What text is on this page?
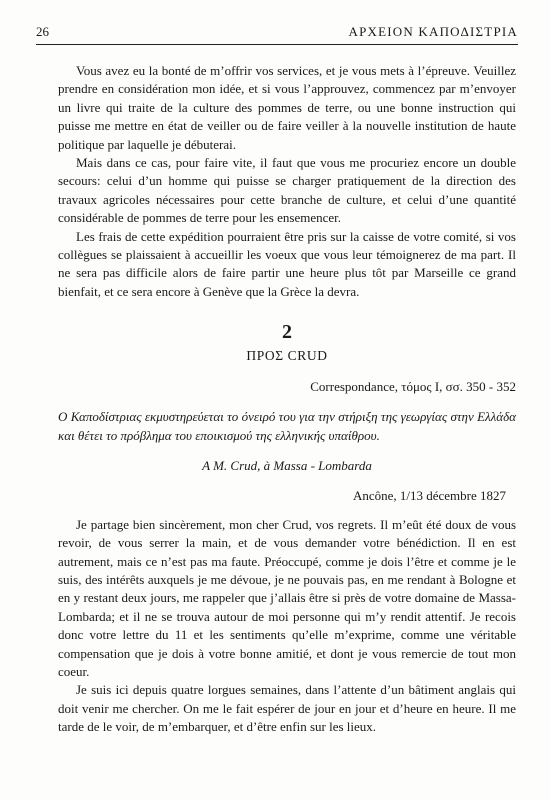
26	ΑΡΧΕΙΟΝ ΚΑΠΟΔΙΣΤΡΙΑ

Vous avez eu la bonté de m’offrir vos services, et je vous mets à l’épreuve. Veuillez prendre en considération mon idée, et si vous l’approuvez, commencez par m’envoyer un livre qui traite de la culture des pommes de terre, ou une bonne instruction qui puisse me mettre en état de veiller ou de faire veiller à la nouvelle institution de haute politique par laquelle je débuterai.

Mais dans ce cas, pour faire vite, il faut que vous me procuriez encore un double secours: celui d’un homme qui puisse se charger pratiquement de la direction des travaux agricoles nécessaires pour cette branche de culture, et celui d’une quantité considérable de pommes de terre pour les ensemencer.

Les frais de cette expédition pourraient être pris sur la caisse de votre comité, si vos collègues se plaissaient à accueillir les voeux que vous leur témoignerez de ma part. Il ne sera pas difficile alors de faire partir une heure plus tôt par Marseille ce grand bienfait, et ce sera encore à Genève que la Grèce la devra.

2
ΠΡΟΣ CRUD
Correspondance, τόμος I, σσ. 350 - 352
Ο Καποδίστριας εκμυστηρεύεται το όνειρό του για την στήριξη της γεωργίας στην Ελλάδα και θέτει το πρόβλημα του εποικισμού της ελληνικής υπαίθρου.
A M. Crud, à Massa - Lombarda
Ancône, 1/13 décembre 1827

Je partage bien sincèrement, mon cher Crud, vos regrets. Il m’eût été doux de vous revoir, de vous serrer la main, et de vous demander votre bénédiction. Il en est autrement, mais ce n’est pas ma faute. Préoccupé, comme je dois l’être et comme je le suis, des intérêts auxquels je me dévoue, je ne pouvais pas, en me rendant à Bologne et en y restant deux jours, me rappeler que j’allais être si près de votre domaine de Massa-Lombarda; et il ne se trouva autour de moi personne qui m’y rendit attentif. Je recois donc votre lettre du 11 et les sentiments qu’elle m’exprime, comme une véritable compensation que je dois à votre bonne amitié, et dont je vous remercie de tout mon coeur.

Je suis ici depuis quatre lorgues semaines, dans l’attente d’un bâtiment anglais qui doit venir me chercher. On me le fait espérer de jour en jour et d’heure en heure. Il me tarde de le voir, de m’embarquer, et d’être enfin sur les lieux.
